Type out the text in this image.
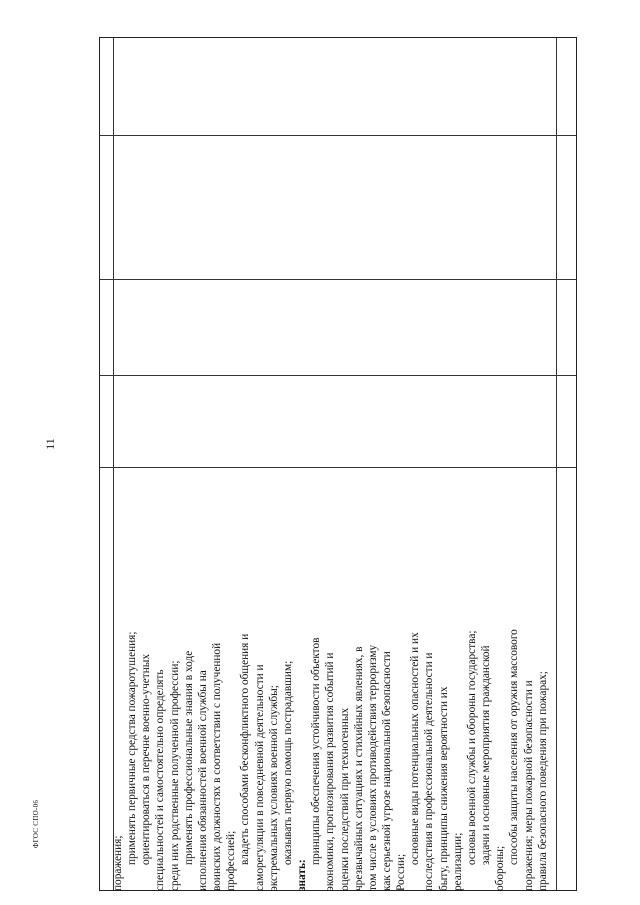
11
поражения; применять первичные средства пожаротушения; ориентироваться в перечне военно-учетных специальностей и самостоятельно определять среди них родственные полученной профессии; применять профессиональные знания в ходе исполнения обязанностей военной службы на воинских должностях в соответствии с полученной профессией; владеть способами бесконфликтного общения и саморегуляции в повседневной деятельности и экстремальных условиях военной службы; оказывать первую помощь пострадавшим;
знать:
принципы обеспечения устойчивости объектов экономики, прогнозирования развития событий и оценки последствий при техногенных чрезвычайных ситуациях и стихийных явлениях, в том числе в условиях противодействия терроризму как серьезной угрозе национальной безопасности России;
основные виды потенциальных опасностей и их последствия в профессиональной деятельности и быту, принципы снижения вероятности их реализации; основы военной службы и обороны государства; задачи и основные мероприятия гражданской
обороны;
способы защиты населения от оружия массового поражения; меры пожарной безопасности и правила безопасного поведения при пожарах;
ФГОС СПО-06
